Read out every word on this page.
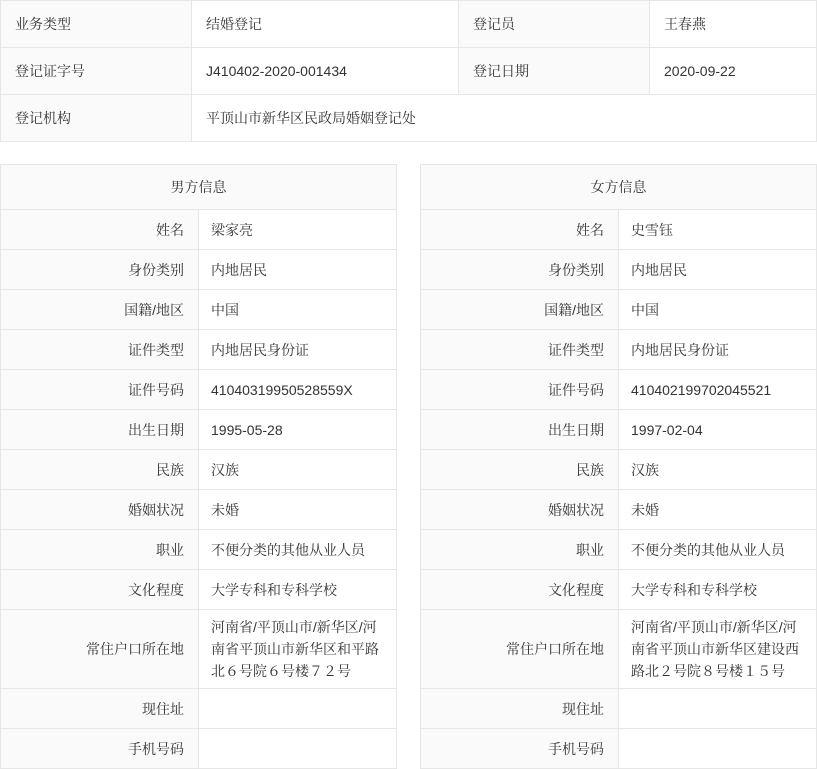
业务类型	结婚登记	登记员	王春燕
登记证字号	J410402-2020-001434	登记日期	2020-09-22
登记机构	平顶山市新华区民政局婚姻登记处		
男方信息	
姓名	梁家亮
身份类别	内地居民
国籍/地区	中国
证件类型	内地居民身份证
证件号码	41040319950528559X
出生日期	1995-05-28
民族	汉族
婚姻状况	未婚
职业	不便分类的其他从业人员
文化程度	大学专科和专科学校
常住户口所在地	河南省/平顶山市/新华区/河南省平顶山市新华区和平路北６号院６号楼７２号
现住址	

手机号码	
女方信息	
姓名	史雪钰
身份类别	内地居民
国籍/地区	中国
证件类型	内地居民身份证
证件号码	410402199702045521
出生日期	1997-02-04
民族	汉族
婚姻状况	未婚
职业	不便分类的其他从业人员
文化程度	大学专科和专科学校
常住户口所在地	河南省/平顶山市/新华区/河南省平顶山市新华区建设西路北２号院８号楼１５号
现住址	

手机号码	
